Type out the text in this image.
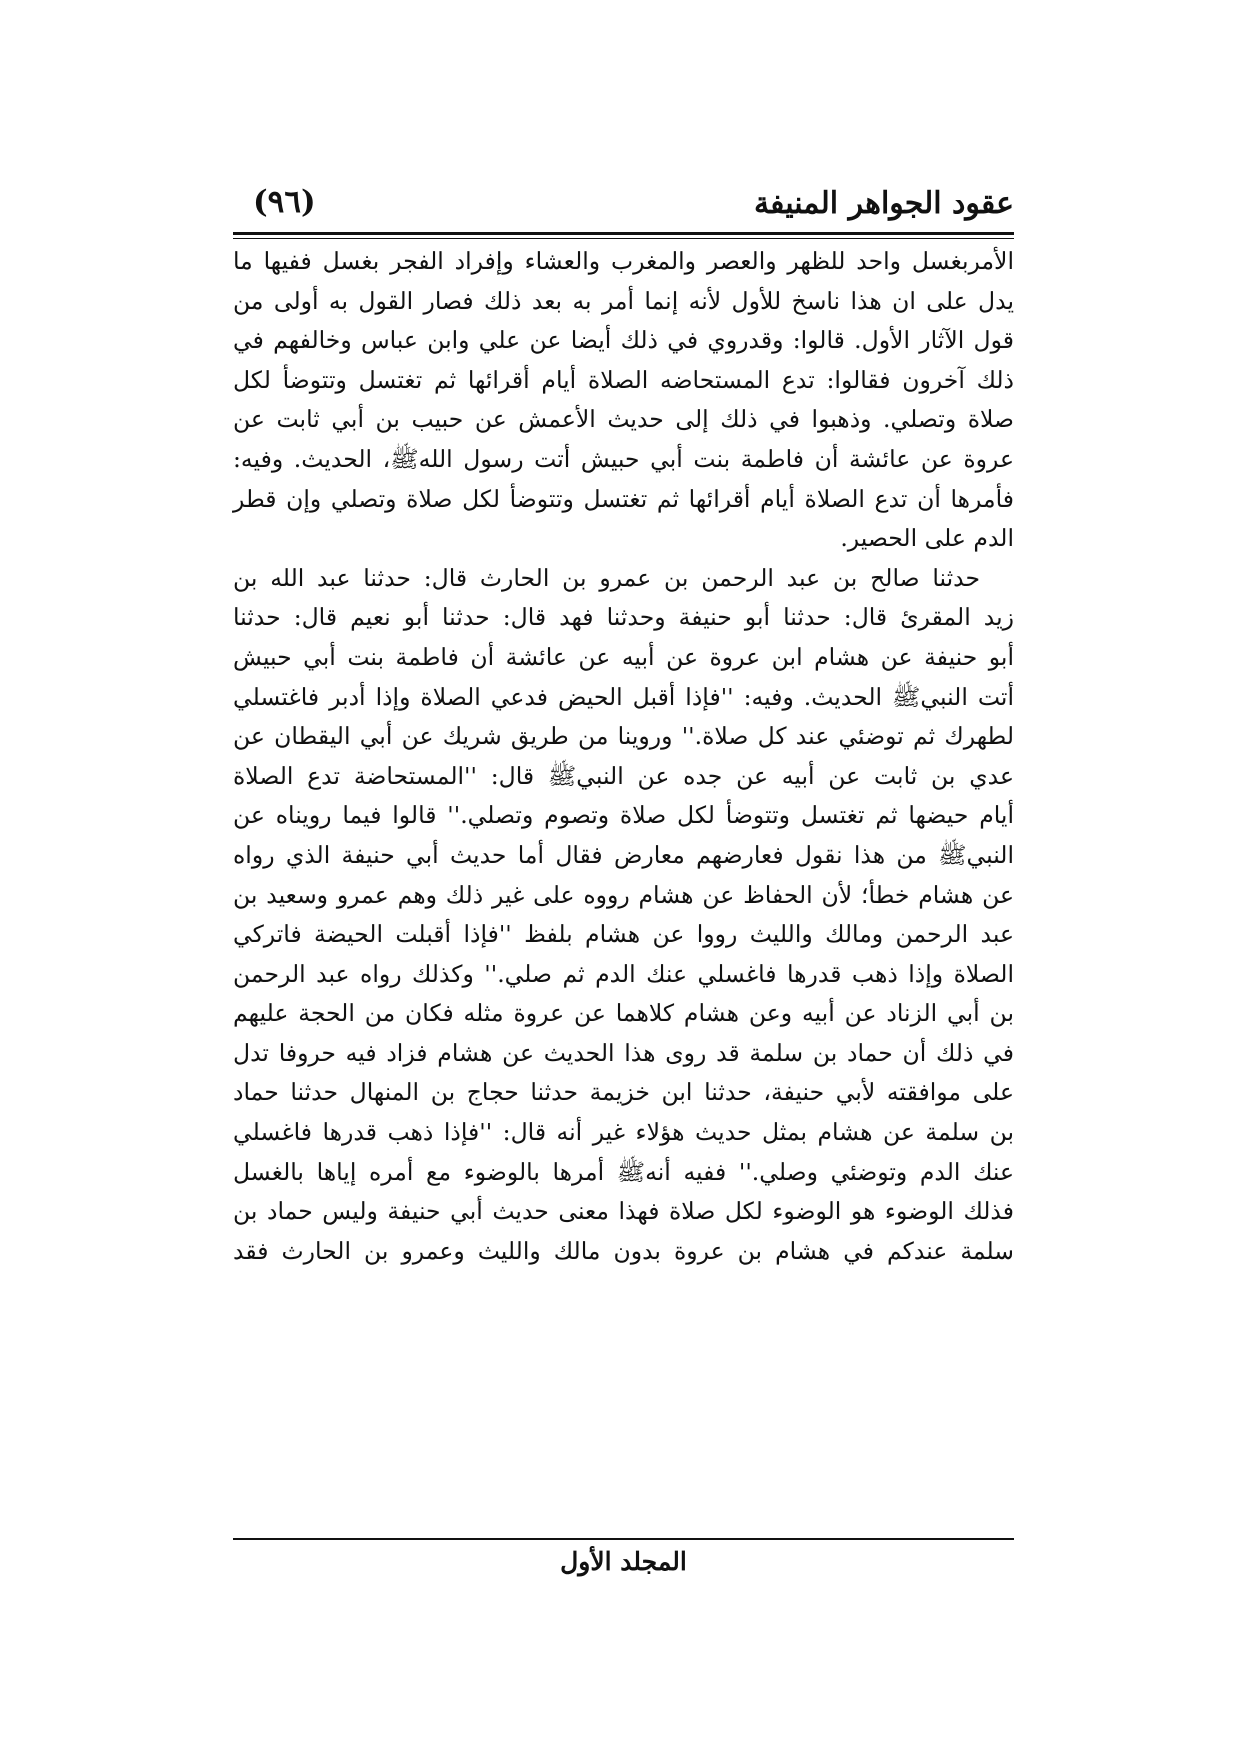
عقود الجواهر المنيفة
(٩٦)
الأمربغسل واحد للظهر والعصر والمغرب والعشاء وإفراد الفجر بغسل ففيها ما
يدل على ان هذا ناسخ للأول لأنه إنما أمر به بعد ذلك فصار القول به أولى من
قول الآثار الأول. قالوا: وقدروي في ذلك أيضا عن علي وابن عباس وخالفهم في
ذلك آخرون فقالوا: تدع المستحاضه الصلاة أيام أقرائها ثم تغتسل وتتوضأ لكل
صلاة وتصلي. وذهبوا في ذلك إلى حديث الأعمش عن حبيب بن أبي ثابت عن
عروة عن عائشة أن فاطمة بنت أبي حبيش أتت رسول اللهﷺ، الحديث. وفيه:
فأمرها أن تدع الصلاة أيام أقرائها ثم تغتسل وتتوضأ لكل صلاة وتصلي وإن قطر
الدم على الحصير.
حدثنا صالح بن عبد الرحمن بن عمرو بن الحارث قال: حدثنا عبد الله بن
زيد المقرئ قال: حدثنا أبو حنيفة وحدثنا فهد قال: حدثنا أبو نعيم قال: حدثنا
أبو حنيفة عن هشام ابن عروة عن أبيه عن عائشة أن فاطمة بنت أبي حبيش
أتت النبيﷺ الحديث. وفيه: ''فإذا أقبل الحيض فدعي الصلاة وإذا أدبر فاغتسلي
لطهرك ثم توضئي عند كل صلاة.'' وروينا من طريق شريك عن أبي اليقطان عن
عدي بن ثابت عن أبيه عن جده عن النبيﷺ قال: ''المستحاضة تدع الصلاة
أيام حيضها ثم تغتسل وتتوضأ لكل صلاة وتصوم وتصلي.'' قالوا فيما رويناه عن
النبيﷺ من هذا نقول فعارضهم معارض فقال أما حديث أبي حنيفة الذي رواه
عن هشام خطأ؛ لأن الحفاظ عن هشام رووه على غير ذلك وهم عمرو وسعيد بن
عبد الرحمن ومالك والليث رووا عن هشام بلفظ ''فإذا أقبلت الحيضة فاتركي
الصلاة وإذا ذهب قدرها فاغسلي عنك الدم ثم صلي.'' وكذلك رواه عبد الرحمن
بن أبي الزناد عن أبيه وعن هشام كلاهما عن عروة مثله فكان من الحجة عليهم
في ذلك أن حماد بن سلمة قد روى هذا الحديث عن هشام فزاد فيه حروفا تدل
على موافقته لأبي حنيفة، حدثنا ابن خزيمة حدثنا حجاج بن المنهال حدثنا حماد
بن سلمة عن هشام بمثل حديث هؤلاء غير أنه قال: ''فإذا ذهب قدرها فاغسلي
عنك الدم وتوضئي وصلي.'' ففيه أنهﷺ أمرها بالوضوء مع أمره إياها بالغسل
فذلك الوضوء هو الوضوء لكل صلاة فهذا معنى حديث أبي حنيفة وليس حماد بن
سلمة عندكم في هشام بن عروة بدون مالك والليث وعمرو بن الحارث فقد
المجلد الأول
